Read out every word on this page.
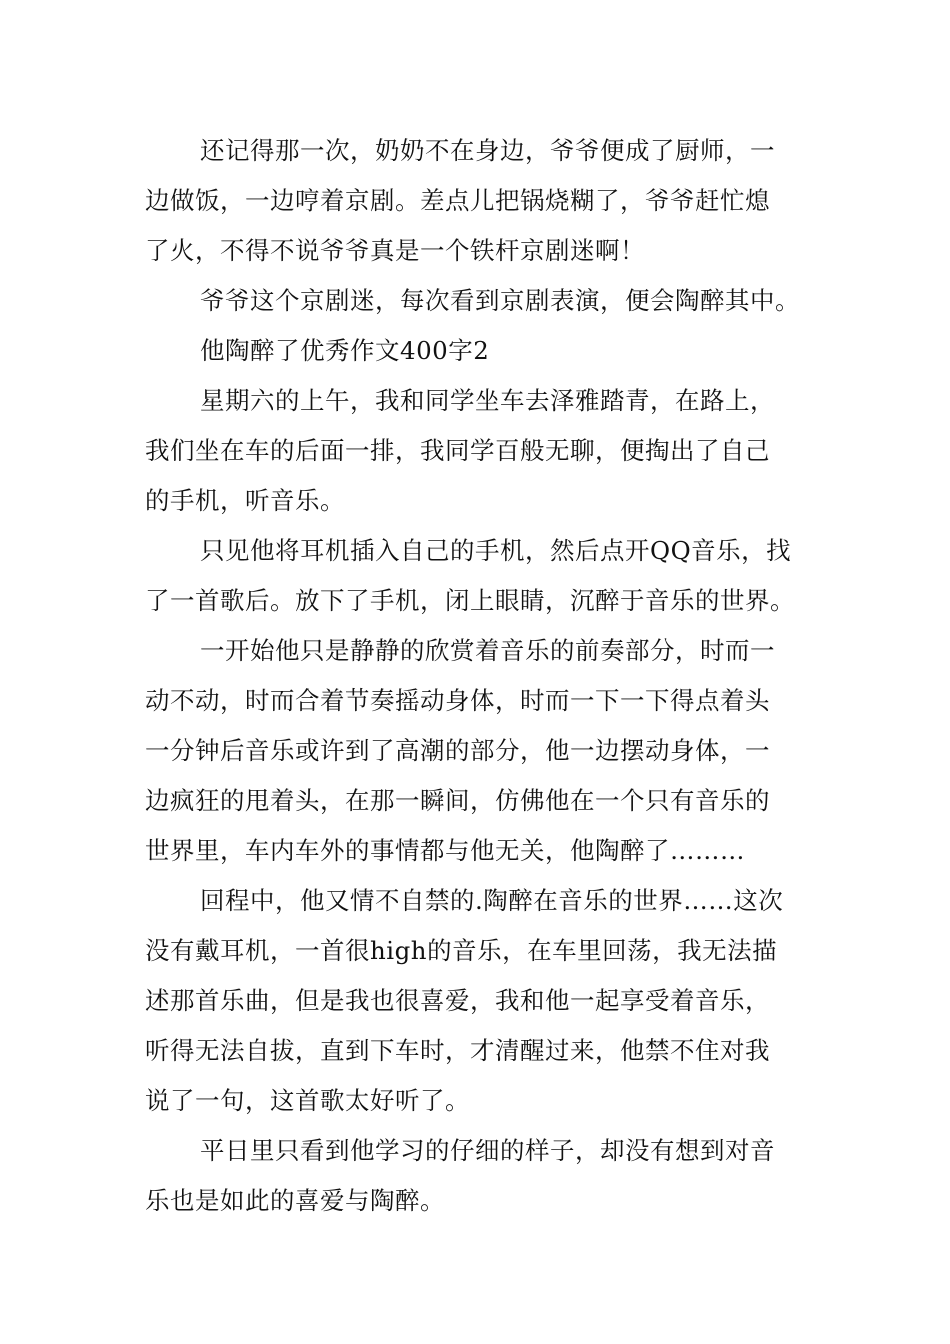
还记得那一次，奶奶不在身边，爷爷便成了厨师，一
边做饭，一边哼着京剧。差点儿把锅烧糊了，爷爷赶忙熄
了火，不得不说爷爷真是一个铁杆京剧迷啊！

爷爷这个京剧迷，每次看到京剧表演，便会陶醉其中。

他陶醉了优秀作文400字2

星期六的上午，我和同学坐车去泽雅踏青，在路上，
我们坐在车的后面一排，我同学百般无聊，便掏出了自己
的手机，听音乐。

只见他将耳机插入自己的手机，然后点开QQ音乐，找
了一首歌后。放下了手机，闭上眼睛，沉醉于音乐的世界。

一开始他只是静静的欣赏着音乐的前奏部分，时而一
动不动，时而合着节奏摇动身体，时而一下一下得点着头
一分钟后音乐或许到了高潮的部分，他一边摆动身体，一
边疯狂的甩着头，在那一瞬间，仿佛他在一个只有音乐的
世界里，车内车外的事情都与他无关，他陶醉了………

回程中，他又情不自禁的.陶醉在音乐的世界……这次
没有戴耳机，一首很high的音乐，在车里回荡，我无法描
述那首乐曲，但是我也很喜爱，我和他一起享受着音乐，
听得无法自拔，直到下车时，才清醒过来，他禁不住对我
说了一句，这首歌太好听了。

平日里只看到他学习的仔细的样子，却没有想到对音
乐也是如此的喜爱与陶醉。
